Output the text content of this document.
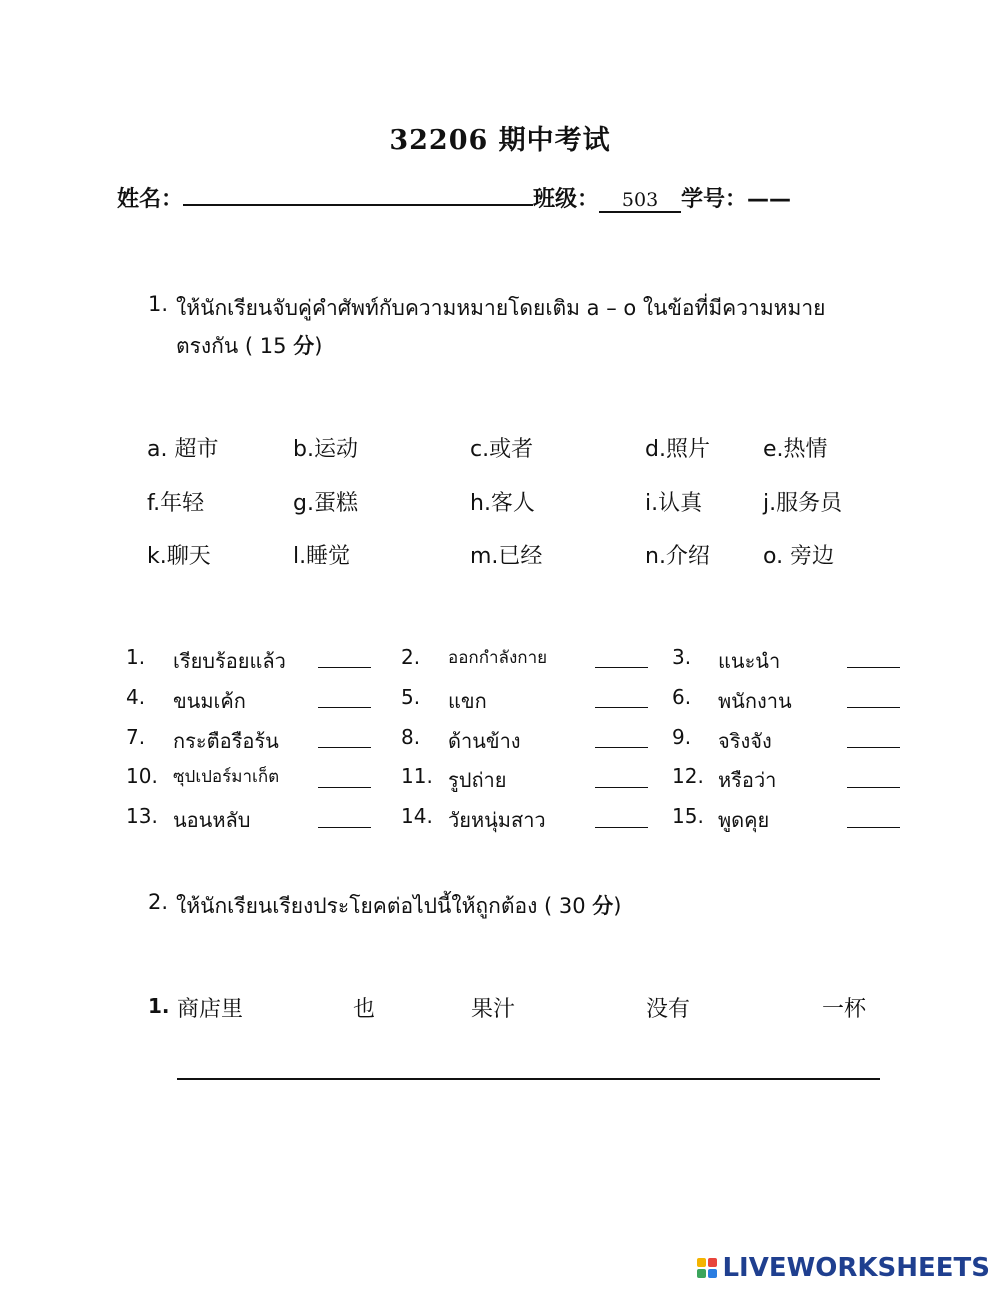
32206 期中考试
姓名：	班级： 503 学号：——
1. ให้นักเรียนจับคู่คำศัพท์กับความหมายโดยเติม a – o ในข้อที่มีความหมาย
ตรงกัน ( 15 分)
a. 超市	b.运动	c.或者	d.照片 e.热情
f.年轻	g.蛋糕	h.客人	i.认真	j.服务员
k.聊天	l.睡觉	m.已经	n.介绍 o. 旁边
1. เรียบร้อยแล้ว	2. ออกกำลังกาย	3. แนะนำ
4. ขนมเค้ก	5. แขก	6. พนักงาน
7. กระตือรือร้น	8. ด้านข้าง	9. จริงจัง
10. ซุปเปอร์มาเก็ต	11. รูปถ่าย	12. หรือว่า
13. นอนหลับ	14. วัยหนุ่มสาว	15. พูดคุย
2. ให้นักเรียนเรียงประโยคต่อไปนี้ให้ถูกต้อง ( 30 分)
1. 商店里	也	果汁	没有	一杯
LIVEWORKSHEETS
